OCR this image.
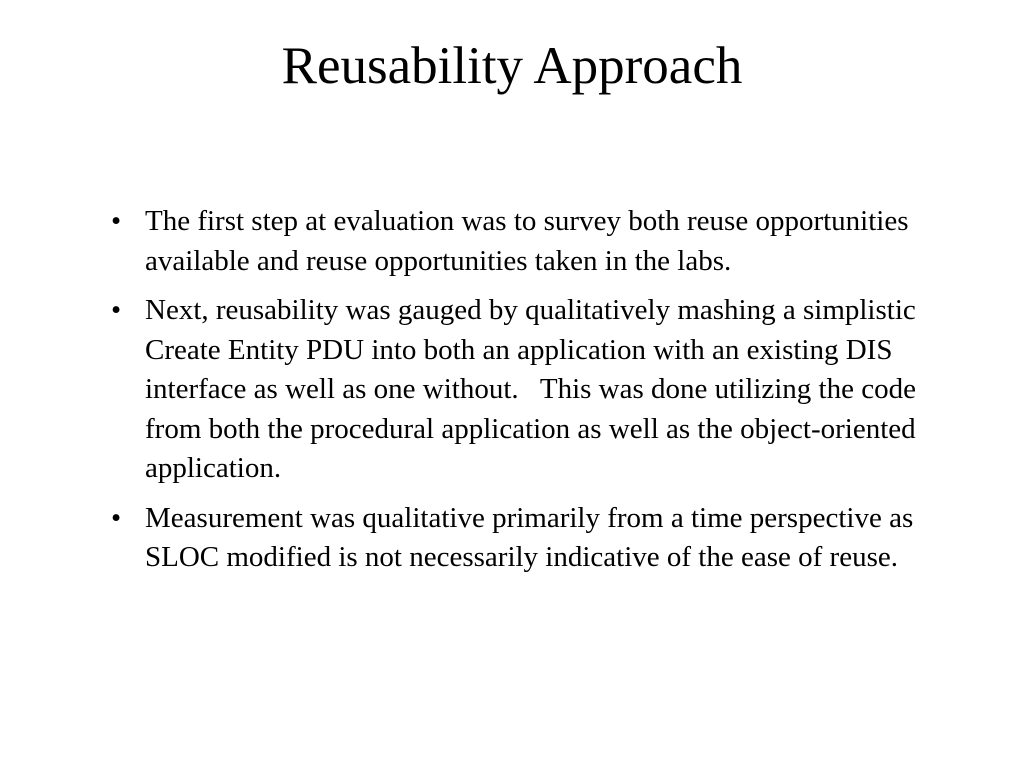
Reusability Approach
• The first step at evaluation was to survey both reuse opportunities available and reuse opportunities taken in the labs.
• Next, reusability was gauged by qualitatively mashing a simplistic Create Entity PDU into both an application with an existing DIS interface as well as one without.   This was done utilizing the code from both the procedural application as well as the object-oriented application.
• Measurement was qualitative primarily from a time perspective as SLOC modified is not necessarily indicative of the ease of reuse.
